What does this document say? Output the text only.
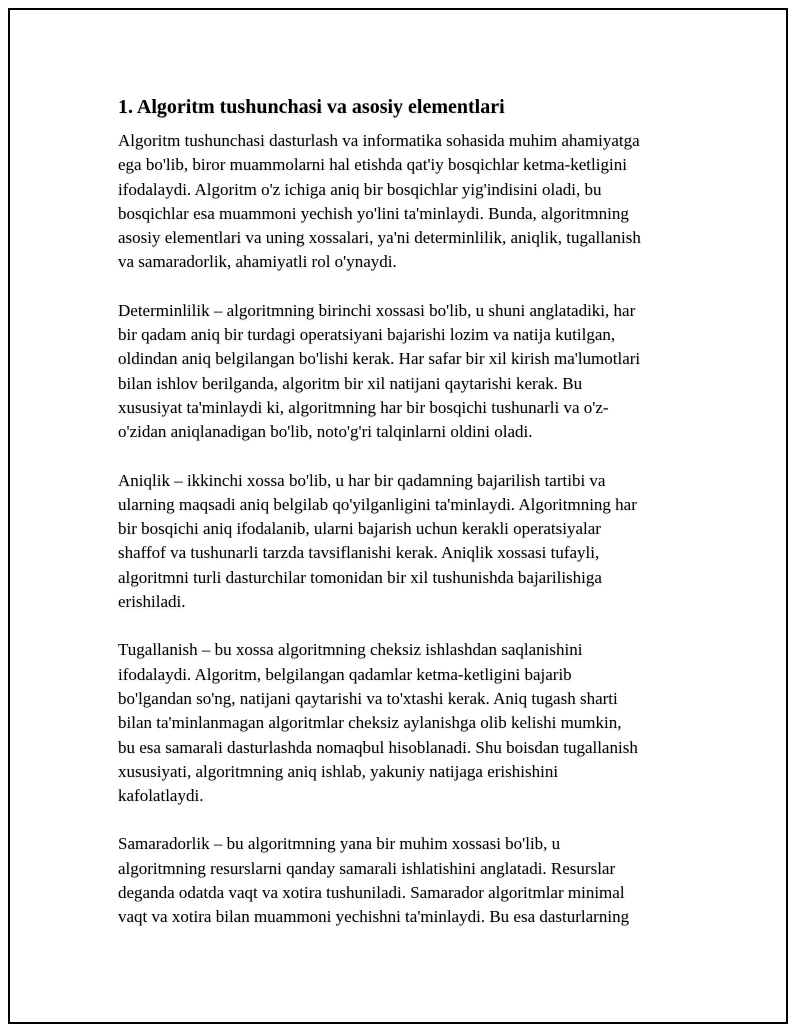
1. Algoritm tushunchasi va asosiy elementlari

Algoritm tushunchasi dasturlash va informatika sohasida muhim ahamiyatga
ega bo'lib, biror muammolarni hal etishda qat'iy bosqichlar ketma-ketligini
ifodalaydi. Algoritm o'z ichiga aniq bir bosqichlar yig'indisini oladi, bu
bosqichlar esa muammoni yechish yo'lini ta'minlaydi. Bunda, algoritmning
asosiy elementlari va uning xossalari, ya'ni determinlilik, aniqlik, tugallanish
va samaradorlik, ahamiyatli rol o'ynaydi.

Determinlilik – algoritmning birinchi xossasi bo'lib, u shuni anglatadiki, har
bir qadam aniq bir turdagi operatsiyani bajarishi lozim va natija kutilgan,
oldindan aniq belgilangan bo'lishi kerak. Har safar bir xil kirish ma'lumotlari
bilan ishlov berilganda, algoritm bir xil natijani qaytarishi kerak. Bu
xususiyat ta'minlaydi ki, algoritmning har bir bosqichi tushunarli va o'z-
o'zidan aniqlanadigan bo'lib, noto'g'ri talqinlarni oldini oladi.

Aniqlik – ikkinchi xossa bo'lib, u har bir qadamning bajarilish tartibi va
ularning maqsadi aniq belgilab qo'yilganligini ta'minlaydi. Algoritmning har
bir bosqichi aniq ifodalanib, ularni bajarish uchun kerakli operatsiyalar
shaffof va tushunarli tarzda tavsiflanishi kerak. Aniqlik xossasi tufayli,
algoritmni turli dasturchilar tomonidan bir xil tushunishda bajarilishiga
erishiladi.

Tugallanish – bu xossa algoritmning cheksiz ishlashdan saqlanishini
ifodalaydi. Algoritm, belgilangan qadamlar ketma-ketligini bajarib
bo'lgandan so'ng, natijani qaytarishi va to'xtashi kerak. Aniq tugash sharti
bilan ta'minlanmagan algoritmlar cheksiz aylanishga olib kelishi mumkin,
bu esa samarali dasturlashda nomaqbul hisoblanadi. Shu boisdan tugallanish
xususiyati, algoritmning aniq ishlab, yakuniy natijaga erishishini
kafolatlaydi.

Samaradorlik – bu algoritmning yana bir muhim xossasi bo'lib, u
algoritmning resurslarni qanday samarali ishlatishini anglatadi. Resurslar
deganda odatda vaqt va xotira tushuniladi. Samarador algoritmlar minimal
vaqt va xotira bilan muammoni yechishni ta'minlaydi. Bu esa dasturlarning
